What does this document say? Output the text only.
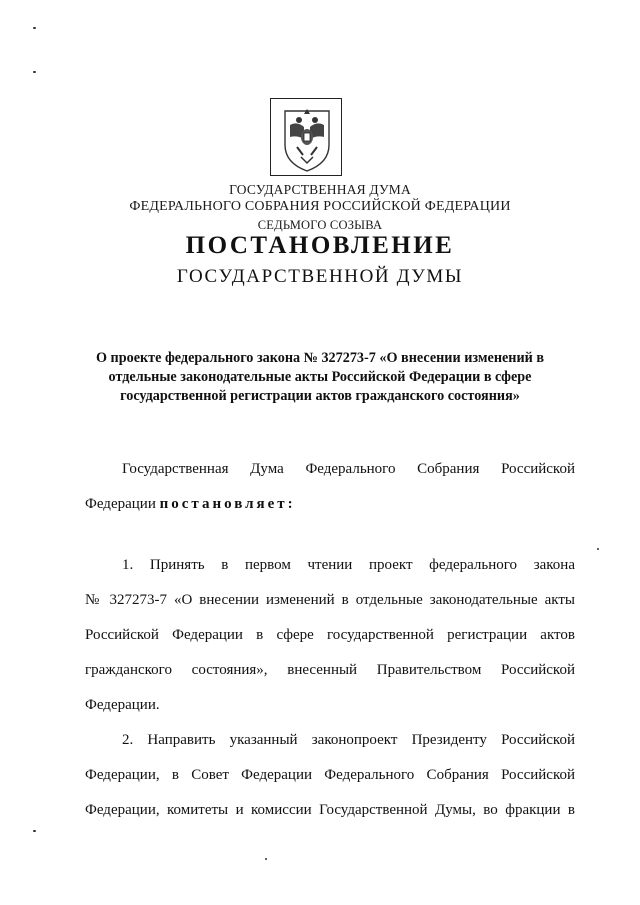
ГОСУДАРСТВЕННАЯ ДУМА
ФЕДЕРАЛЬНОГО СОБРАНИЯ РОССИЙСКОЙ ФЕДЕРАЦИИ
СЕДЬМОГО СОЗЫВА
ПОСТАНОВЛЕНИЕ
ГОСУДАРСТВЕННОЙ ДУМЫ
О проекте федерального закона № 327273-7 «О внесении изменений в
отдельные законодательные акты Российской Федерации в сфере
государственной регистрации актов гражданского состояния»
Государственная Дума Федерального Собрания Российской
Федерации постановляет:
1. Принять в первом чтении проект федерального закона
№ 327273-7 «О внесении изменений в отдельные законодательные акты
Российской Федерации в сфере государственной регистрации актов
гражданского состояния», внесенный Правительством Российской
Федерации.
2. Направить указанный законопроект Президенту Российской
Федерации, в Совет Федерации Федерального Собрания Российской
Федерации, комитеты и комиссии Государственной Думы, во фракции в
